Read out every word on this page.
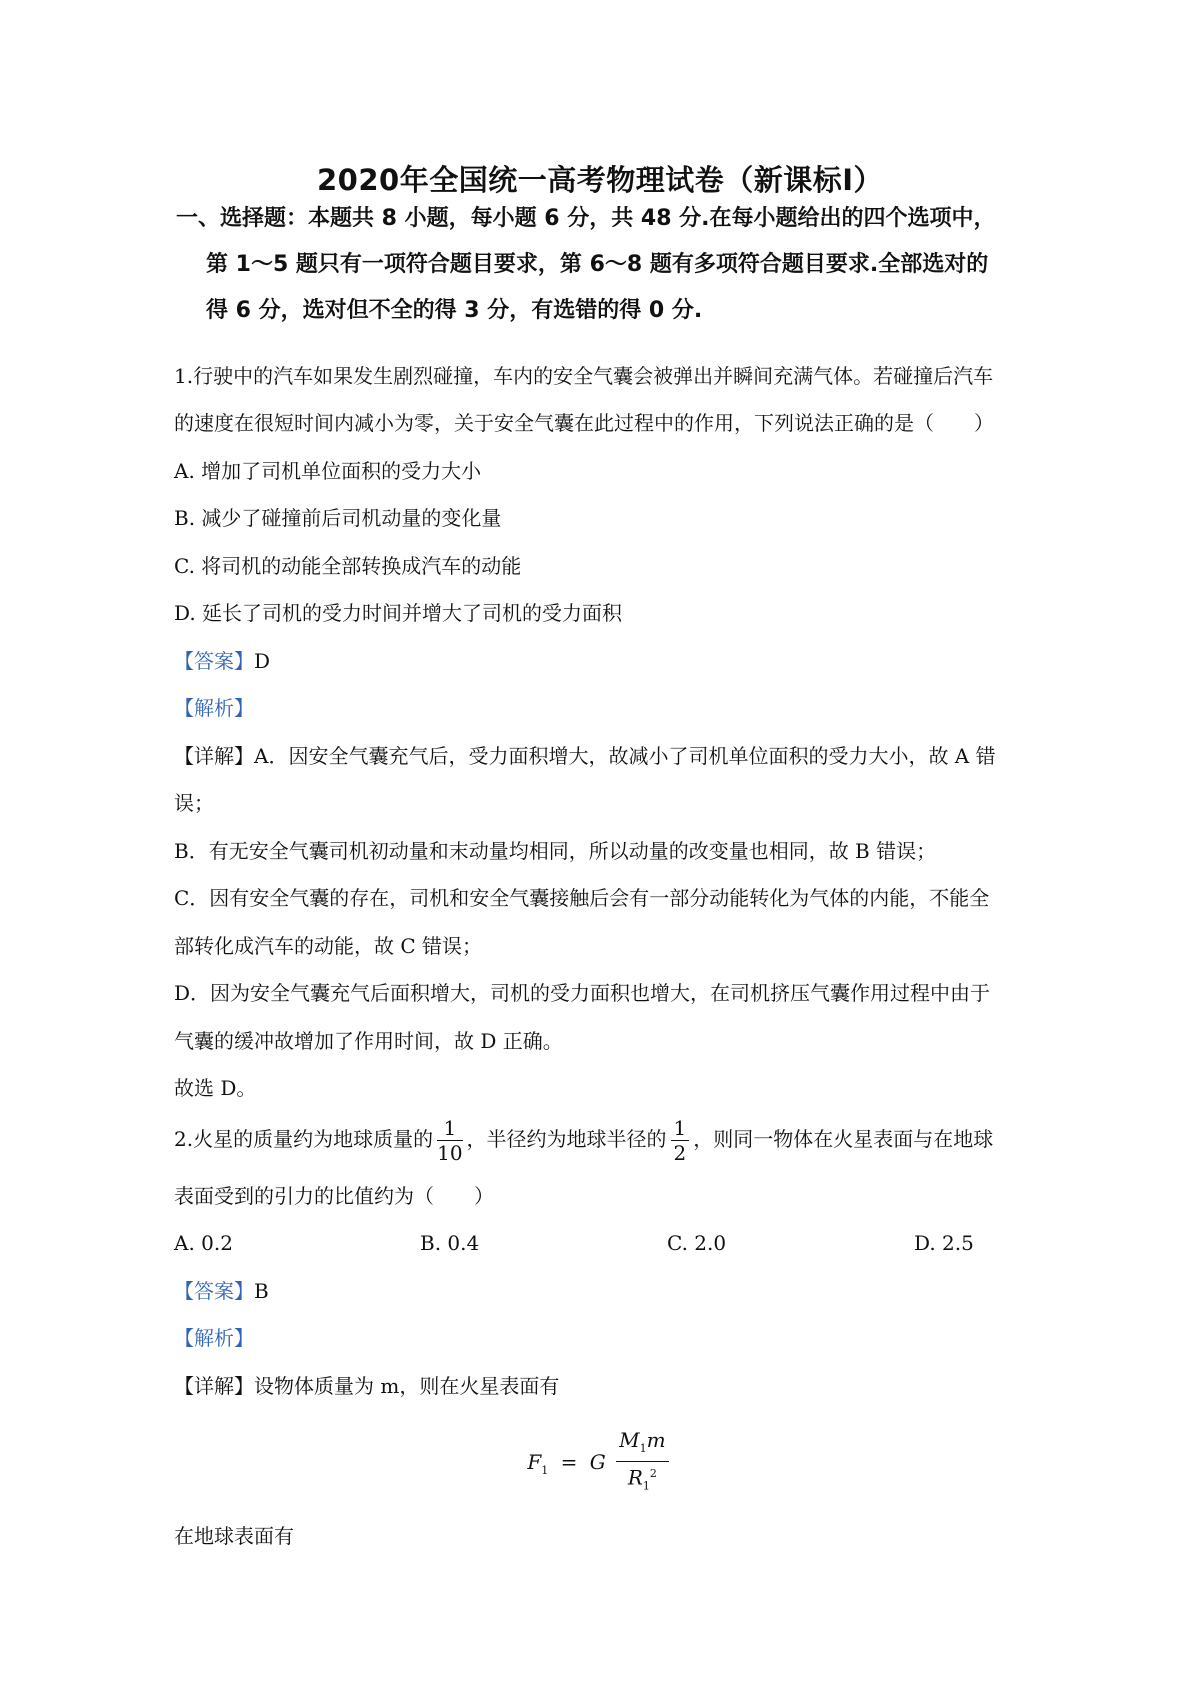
2020年全国统一高考物理试卷（新课标Ⅰ）
一、选择题：本题共 8 小题，每小题 6 分，共 48 分.在每小题给出的四个选项中，
第 1～5 题只有一项符合题目要求，第 6～8 题有多项符合题目要求.全部选对的
得 6 分，选对但不全的得 3 分，有选错的得 0 分.
1.行驶中的汽车如果发生剧烈碰撞，车内的安全气囊会被弹出并瞬间充满气体。若碰撞后汽车
的速度在很短时间内减小为零，关于安全气囊在此过程中的作用，下列说法正确的是（　　）
A. 增加了司机单位面积的受力大小
B. 减少了碰撞前后司机动量的变化量
C. 将司机的动能全部转换成汽车的动能
D. 延长了司机的受力时间并增大了司机的受力面积
【答案】D
【解析】
【详解】A．因安全气囊充气后，受力面积增大，故减小了司机单位面积的受力大小，故 A 错
误；
B．有无安全气囊司机初动量和末动量均相同，所以动量的改变量也相同，故 B 错误；
C．因有安全气囊的存在，司机和安全气囊接触后会有一部分动能转化为气体的内能，不能全
部转化成汽车的动能，故 C 错误；
D．因为安全气囊充气后面积增大，司机的受力面积也增大，在司机挤压气囊作用过程中由于
气囊的缓冲故增加了作用时间，故 D 正确。
故选 D。
2.火星的质量约为地球质量的 $\frac{1}{10}$ ，半径约为地球半径的 $\frac{1}{2}$ ，则同一物体在火星表面与在地球
表面受到的引力的比值约为（　　）
A. 0.2	B. 0.4	C. 2.0	D. 2.5
【答案】B
【解析】
【详解】设物体质量为 m，则在火星表面有
$F_1 = G \frac{M_1m}{R_1^2}$
在地球表面有
